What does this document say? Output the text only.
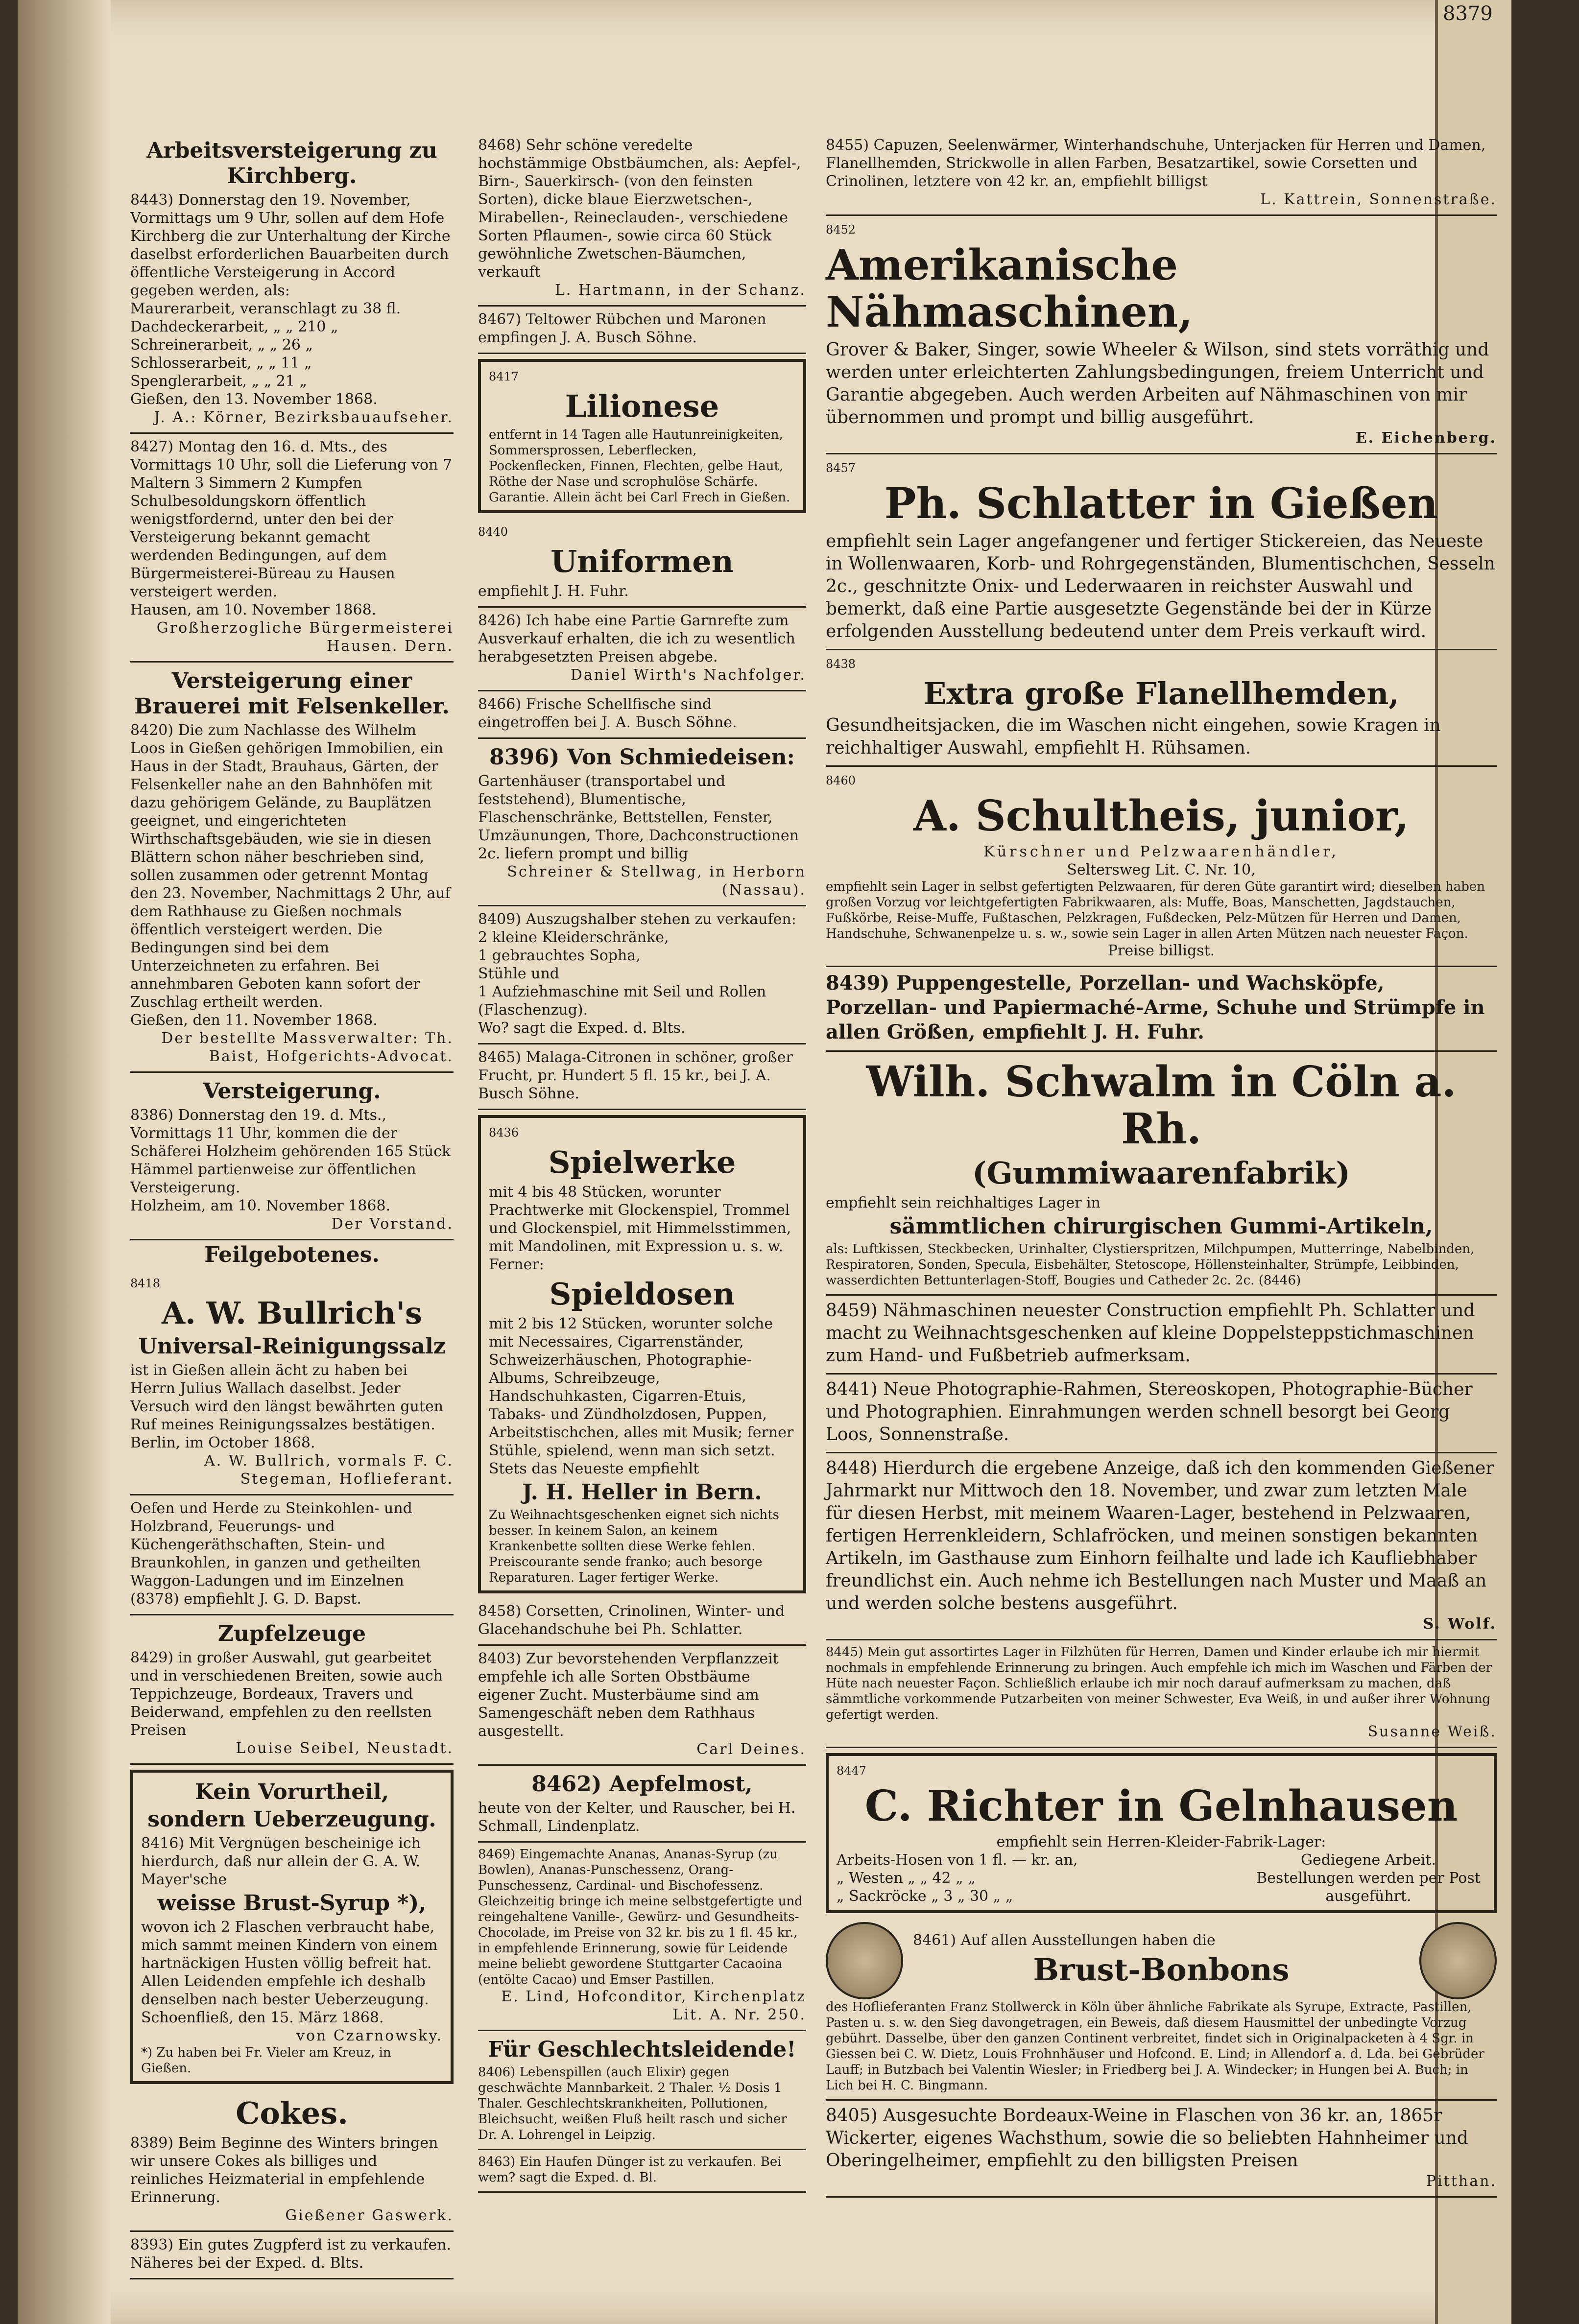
8379
Arbeitsversteigerung zu Kirchberg.
8443) Donnerstag den 19. November, Vormittags um 9 Uhr, sollen auf dem Hofe Kirchberg die zur Unterhaltung der Kirche daselbst erforderlichen Bauarbeiten durch öffentliche Versteigerung in Accord gegeben werden, als:
Maurerarbeit, veranschlagt zu 38 fl.
Dachdeckerarbeit, „ „ 210 „
Schreinerarbeit, „ „ 26 „
Schlosserarbeit, „ „ 11 „
Spenglerarbeit, „ „ 21 „
Gießen, den 13. November 1868.
J. A.: Körner, Bezirksbauaufseher.
8427) Montag den 16. d. Mts., des Vormittags 10 Uhr, soll die Lieferung von 7 Maltern 3 Simmern 2 Kumpfen Schulbesoldungskorn öffentlich wenigstfordernd, unter den bei der Versteigerung bekannt gemacht werdenden Bedingungen, auf dem Bürgermeisterei-Büreau zu Hausen versteigert werden.
Hausen, am 10. November 1868.
Großherzogliche Bürgermeisterei Hausen. Dern.
Versteigerung einer Brauerei mit Felsenkeller.
8420) Die zum Nachlasse des Wilhelm Loos in Gießen gehörigen Immobilien, ein Haus in der Stadt, Brauhaus, Gärten, der Felsenkeller nahe an den Bahnhöfen mit dazu gehörigem Gelände, zu Bauplätzen geeignet, und eingerichteten Wirthschaftsgebäuden, wie sie in diesen Blättern schon näher beschrieben sind, sollen zusammen oder getrennt Montag den 23. November, Nachmittags 2 Uhr, auf dem Rathhause zu Gießen nochmals öffentlich versteigert werden. Die Bedingungen sind bei dem Unterzeichneten zu erfahren. Bei annehmbaren Geboten kann sofort der Zuschlag ertheilt werden.
Gießen, den 11. November 1868.
Der bestellte Massverwalter: Th. Baist, Hofgerichts-Advocat.
Versteigerung.
8386) Donnerstag den 19. d. Mts., Vormittags 11 Uhr, kommen die der Schäferei Holzheim gehörenden 165 Stück Hämmel partienweise zur öffentlichen Versteigerung.
Holzheim, am 10. November 1868.
Der Vorstand.
Feilgebotenes.
8418
A. W. Bullrich's
Universal-Reinigungssalz
ist in Gießen allein ächt zu haben bei Herrn Julius Wallach daselbst. Jeder Versuch wird den längst bewährten guten Ruf meines Reinigungssalzes bestätigen. Berlin, im October 1868.
A. W. Bullrich, vormals F. C. Stegeman, Hoflieferant.
Oefen und Herde zu Steinkohlen- und Holzbrand, Feuerungs- und Küchengeräthschaften, Stein- und Braunkohlen, in ganzen und getheilten Waggon-Ladungen und im Einzelnen (8378) empfiehlt J. G. D. Bapst.
Zupfelzeuge
8429) in großer Auswahl, gut gearbeitet und in verschiedenen Breiten, sowie auch Teppichzeuge, Bordeaux, Travers und Beiderwand, empfehlen zu den reellsten Preisen
Louise Seibel, Neustadt.
Kein Vorurtheil,
sondern Ueberzeugung.
8416) Mit Vergnügen bescheinige ich hierdurch, daß nur allein der G. A. W. Mayer'sche
weisse Brust-Syrup *),
wovon ich 2 Flaschen verbraucht habe, mich sammt meinen Kindern von einem hartnäckigen Husten völlig befreit hat. Allen Leidenden empfehle ich deshalb denselben nach bester Ueberzeugung. Schoenfließ, den 15. März 1868.
von Czarnowsky.
*) Zu haben bei Fr. Vieler am Kreuz, in Gießen.
Cokes.
8389) Beim Beginne des Winters bringen wir unsere Cokes als billiges und reinliches Heizmaterial in empfehlende Erinnerung.
Gießener Gaswerk.
8393) Ein gutes Zugpferd ist zu verkaufen. Näheres bei der Exped. d. Blts.
8468) Sehr schöne veredelte hochstämmige Obstbäumchen, als: Aepfel-, Birn-, Sauerkirsch- (von den feinsten Sorten), dicke blaue Eierzwetschen-, Mirabellen-, Reineclauden-, verschiedene Sorten Pflaumen-, sowie circa 60 Stück gewöhnliche Zwetschen-Bäumchen, verkauft
L. Hartmann, in der Schanz.
8467) Teltower Rübchen und Maronen empfingen J. A. Busch Söhne.
8417
Lilionese
entfernt in 14 Tagen alle Hautunreinigkeiten, Sommersprossen, Leberflecken, Pockenflecken, Finnen, Flechten, gelbe Haut, Röthe der Nase und scrophulöse Schärfe. Garantie. Allein ächt bei Carl Frech in Gießen.
8440
Uniformen
empfiehlt J. H. Fuhr.
8426) Ich habe eine Partie Garnrefte zum Ausverkauf erhalten, die ich zu wesentlich herabgesetzten Preisen abgebe.
Daniel Wirth's Nachfolger.
8466) Frische Schellfische sind eingetroffen bei J. A. Busch Söhne.
8396) Von Schmiedeisen:
Gartenhäuser (transportabel und feststehend), Blumentische, Flaschenschränke, Bettstellen, Fenster, Umzäunungen, Thore, Dachconstructionen 2c. liefern prompt und billig
Schreiner & Stellwag, in Herborn (Nassau).
8409) Auszugshalber stehen zu verkaufen:
2 kleine Kleiderschränke,
1 gebrauchtes Sopha,
Stühle und
1 Aufziehmaschine mit Seil und Rollen (Flaschenzug).
Wo? sagt die Exped. d. Blts.
8465) Malaga-Citronen in schöner, großer Frucht, pr. Hundert 5 fl. 15 kr., bei J. A. Busch Söhne.
8436
Spielwerke
mit 4 bis 48 Stücken, worunter Prachtwerke mit Glockenspiel, Trommel und Glockenspiel, mit Himmelsstimmen, mit Mandolinen, mit Expression u. s. w. Ferner:
Spieldosen
mit 2 bis 12 Stücken, worunter solche mit Necessaires, Cigarrenständer, Schweizerhäuschen, Photographie-Albums, Schreibzeuge, Handschuhkasten, Cigarren-Etuis, Tabaks- und Zündholzdosen, Puppen, Arbeitstischchen, alles mit Musik; ferner Stühle, spielend, wenn man sich setzt. Stets das Neueste empfiehlt
J. H. Heller in Bern.
Zu Weihnachtsgeschenken eignet sich nichts besser. In keinem Salon, an keinem Krankenbette sollten diese Werke fehlen. Preiscourante sende franko; auch besorge Reparaturen. Lager fertiger Werke.
8458) Corsetten, Crinolinen, Winter- und Glacehandschuhe bei Ph. Schlatter.
8403) Zur bevorstehenden Verpflanzzeit empfehle ich alle Sorten Obstbäume eigener Zucht. Musterbäume sind am Samengeschäft neben dem Rathhaus ausgestellt.
Carl Deines.
8462) Aepfelmost,
heute von der Kelter, und Rauscher, bei H. Schmall, Lindenplatz.
8469) Eingemachte Ananas, Ananas-Syrup (zu Bowlen), Ananas-Punschessenz, Orang-Punschessenz, Cardinal- und Bischofessenz. Gleichzeitig bringe ich meine selbstgefertigte und reingehaltene Vanille-, Gewürz- und Gesundheits-Chocolade, im Preise von 32 kr. bis zu 1 fl. 45 kr., in empfehlende Erinnerung, sowie für Leidende meine beliebt gewordene Stuttgarter Cacaoina (entölte Cacao) und Emser Pastillen.
E. Lind, Hofconditor, Kirchenplatz Lit. A. Nr. 250.
Für Geschlechtsleidende!
8406) Lebenspillen (auch Elixir) gegen geschwächte Mannbarkeit. 2 Thaler. ½ Dosis 1 Thaler. Geschlechtskrankheiten, Pollutionen, Bleichsucht, weißen Fluß heilt rasch und sicher Dr. A. Lohrengel in Leipzig.
8463) Ein Haufen Dünger ist zu verkaufen. Bei wem? sagt die Exped. d. Bl.
8455) Capuzen, Seelenwärmer, Winterhandschuhe, Unterjacken für Herren und Damen, Flanellhemden, Strickwolle in allen Farben, Besatzartikel, sowie Corsetten und Crinolinen, letztere von 42 kr. an, empfiehlt billigst
L. Kattrein, Sonnenstraße.
8452
Amerikanische Nähmaschinen,
Grover & Baker, Singer, sowie Wheeler & Wilson, sind stets vorräthig und werden unter erleichterten Zahlungsbedingungen, freiem Unterricht und Garantie abgegeben. Auch werden Arbeiten auf Nähmaschinen von mir übernommen und prompt und billig ausgeführt.
E. Eichenberg.
8457
Ph. Schlatter in Gießen
empfiehlt sein Lager angefangener und fertiger Stickereien, das Neueste in Wollenwaaren, Korb- und Rohrgegenständen, Blumentischchen, Sesseln 2c., geschnitzte Onix- und Lederwaaren in reichster Auswahl und bemerkt, daß eine Partie ausgesetzte Gegenstände bei der in Kürze erfolgenden Ausstellung bedeutend unter dem Preis verkauft wird.
8438
Extra große Flanellhemden,
Gesundheitsjacken, die im Waschen nicht eingehen, sowie Kragen in reichhaltiger Auswahl, empfiehlt H. Rühsamen.
8460
A. Schultheis, junior,
Kürschner und Pelzwaarenhändler,
Seltersweg Lit. C. Nr. 10,
empfiehlt sein Lager in selbst gefertigten Pelzwaaren, für deren Güte garantirt wird; dieselben haben großen Vorzug vor leichtgefertigten Fabrikwaaren, als: Muffe, Boas, Manschetten, Jagdstauchen, Fußkörbe, Reise-Muffe, Fußtaschen, Pelzkragen, Fußdecken, Pelz-Mützen für Herren und Damen, Handschuhe, Schwanenpelze u. s. w., sowie sein Lager in allen Arten Mützen nach neuester Façon.
Preise billigst.
8439) Puppengestelle, Porzellan- und Wachsköpfe, Porzellan- und Papiermaché-Arme, Schuhe und Strümpfe in allen Größen, empfiehlt J. H. Fuhr.
Wilh. Schwalm in Cöln a. Rh.
(Gummiwaarenfabrik)
empfiehlt sein reichhaltiges Lager in
sämmtlichen chirurgischen Gummi-Artikeln,
als: Luftkissen, Steckbecken, Urinhalter, Clystierspritzen, Milchpumpen, Mutterringe, Nabelbinden, Respiratoren, Sonden, Specula, Eisbehälter, Stetoscope, Höllensteinhalter, Strümpfe, Leibbinden, wasserdichten Bettunterlagen-Stoff, Bougies und Catheder 2c. 2c. (8446)
8459) Nähmaschinen neuester Construction empfiehlt Ph. Schlatter und macht zu Weihnachtsgeschenken auf kleine Doppelsteppstichmaschinen zum Hand- und Fußbetrieb aufmerksam.
8441) Neue Photographie-Rahmen, Stereoskopen, Photographie-Bücher und Photographien. Einrahmungen werden schnell besorgt bei Georg Loos, Sonnenstraße.
8448) Hierdurch die ergebene Anzeige, daß ich den kommenden Gießener Jahrmarkt nur Mittwoch den 18. November, und zwar zum letzten Male für diesen Herbst, mit meinem Waaren-Lager, bestehend in Pelzwaaren, fertigen Herrenkleidern, Schlafröcken, und meinen sonstigen bekannten Artikeln, im Gasthause zum Einhorn feilhalte und lade ich Kaufliebhaber freundlichst ein. Auch nehme ich Bestellungen nach Muster und Maaß an und werden solche bestens ausgeführt.
S. Wolf.
8445) Mein gut assortirtes Lager in Filzhüten für Herren, Damen und Kinder erlaube ich mir hiermit nochmals in empfehlende Erinnerung zu bringen. Auch empfehle ich mich im Waschen und Färben der Hüte nach neuester Façon. Schließlich erlaube ich mir noch darauf aufmerksam zu machen, daß sämmtliche vorkommende Putzarbeiten von meiner Schwester, Eva Weiß, in und außer ihrer Wohnung gefertigt werden.
Susanne Weiß.
8447
C. Richter in Gelnhausen
empfiehlt sein Herren-Kleider-Fabrik-Lager:
Arbeits-Hosen von 1 fl. — kr. an,
„ Westen „ „ 42 „ „
„ Sackröcke „ 3 „ 30 „ „
Gediegene Arbeit. Bestellungen werden per Post ausgeführt.
8461) Auf allen Ausstellungen haben die
Brust-Bonbons
des Hoflieferanten Franz Stollwerck in Köln über ähnliche Fabrikate als Syrupe, Extracte, Pastillen, Pasten u. s. w. den Sieg davongetragen, ein Beweis, daß diesem Hausmittel der unbedingte Vorzug gebührt. Dasselbe, über den ganzen Continent verbreitet, findet sich in Originalpacketen à 4 Sgr. in Giessen bei C. W. Dietz, Louis Frohnhäuser und Hofcond. E. Lind; in Allendorf a. d. Lda. bei Gebrüder Lauff; in Butzbach bei Valentin Wiesler; in Friedberg bei J. A. Windecker; in Hungen bei A. Buch; in Lich bei H. C. Bingmann.
8405) Ausgesuchte Bordeaux-Weine in Flaschen von 36 kr. an, 1865r Wickerter, eigenes Wachsthum, sowie die so beliebten Hahnheimer und Oberingelheimer, empfiehlt zu den billigsten Preisen
Pitthan.
